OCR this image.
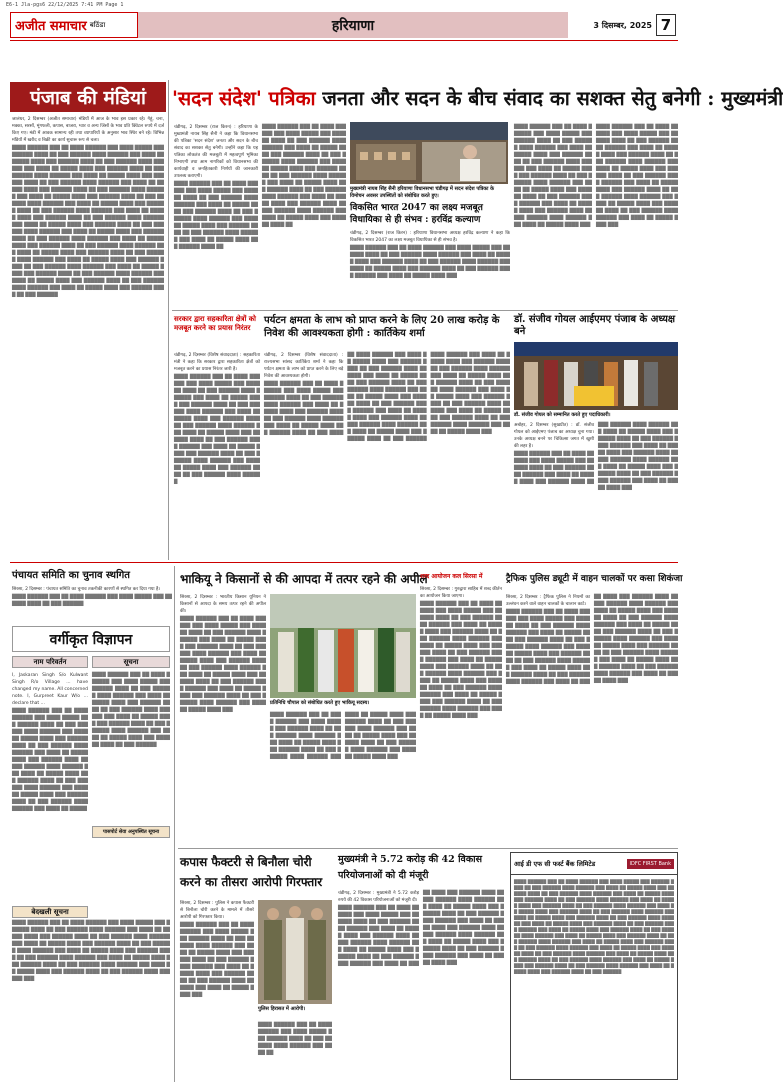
E6-1 Jla-pgs6 22/12/2025 7:41 PM Page 1
अजीत समाचार बठिंडा	हरियाणा	3 दिसम्बर, 2025 7
पंजाब की मंडियां

जालंधर, 2 दिसम्बर (अजीत समाचार) मंडियों में आज के भाव इस प्रकार रहे। गेहूं, चना, मक्का, सरसों, मूंगफली, कपास, बाजरा, ग्वार व अन्य जिंसों के भाव प्रति क्विंटल रुपये में दर्ज किए गए। मंडी में आवक सामान्य रही तथा व्यापारियों के अनुसार भाव स्थिर बने रहे। विभिन्न मंडियों में खरीद व बिक्री का कार्य सुचारू रूप से चला।

████ ██████ ███ ██ ████ ██████ ███ ████ █████ ███ ██████ ████ ██ ███ ██████ ████ ██████ ███ ████ ██ █████ ████ ███ ██████ ████ ██ ███ ██████ ████ ██████ ███ ████ ██ █████ ████ ███ ██████ ████ ██ ███ ██████ ████ ██████ ███ ████ ██ █████ ████ ███ ██████ ████ ██ ███ ██████ ████ ██████ ███ ████ ██ █████ ████ ███ ██████ ████ ██ ███ ██████ ████ ██████ ███ ████ ██ █████ ████ ███ ██████ ████ ██ ███ ██████ ████ ██████ ███ ████ ██ █████ ████ ███ ██████ ████ ██ ███ ██████ ████ ██████ ███ ████ ██ █████ ████ ███ ██████ ████ ██ ███ ██████ ████ ██████ ███ ████ ██ █████ ████ ███ ██████ ████ ██ ███ ██████ ████ ██████ ███ ████ ██ █████ ████ ███ ██████ ████ ██ ███ ██████ ████ ██████ ███ ████ ██ █████ ████ ███ ██████ ████ ██ ███ ██████ ████ ██████ ███ ████ ██ █████ ████ ███ ██████ ████ ██ ███ ██████ ████ ██████ ███ ████ ██ █████ ████ ███ ██████ ████ ██ ███ ██████ ████ ██████ ███ ████ ██ █████ ████ ███ ██████ ████ ██ ███ ██████ ████ ██████ ███ ████ ██ █████ ████ ███ ██████ ████ ██ ███ ██████ ████ ██████ ███ ████ ██ █████ ████ ███ ██████ ████ ██ ███ ██████

'सदन संदेश' पत्रिका जनता और सदन के बीच संवाद का सशक्त सेतु बनेगी : मुख्यमंत्री

चंडीगढ़, 2 दिसम्बर (राज किरन) : हरियाणा के मुख्यमंत्री नायब सिंह सैनी ने कहा कि विधानसभा की पत्रिका 'सदन संदेश' जनता और सदन के बीच संवाद का सशक्त सेतु बनेगी। उन्होंने कहा कि यह पत्रिका लोकतंत्र की मजबूती में महत्वपूर्ण भूमिका निभाएगी तथा आम नागरिकों को विधानसभा की कार्यवाही व जनहितकारी निर्णयों की जानकारी उपलब्ध कराएगी।

████ ██████ ███ ██ ████ ██████ ███ ████ █████ ███ ██████ ████ ██ ███ ██████ ████ ██████ ███ ████ ██ █████ ████ ███ ██████ ████ ██ ███ ██████ ████ ██████ ███ ████ ██ █████ ████ ███ ██████ ████ ██ ███ ██████ ████ ██████ ███ ████ ██ █████ ████ ███ ██████ ████ ██

████ ██████ ███ ██ ████ ██████ ███ ████ █████ ███ ██████ ████ ██ ███ ██████ ████ ██████ ███ ████ ██ █████ ████ ███ ██████ ████ ██ ███ ██████ ████ ██████ ███ ████ ██ █████ ████ ███ ██████ ████ ██ ███ ██████ ████ ██████ ███ ████ ██ █████ ████ ███ ██████ ████ ██ ███ ██████ ████ ██████ ███ ████ ██ █████ ████ ███ ██████ ████ ██ ███ ██████ ████ ██████ ███ ████ ██ █████ ████ ███ ██████ ████ ██

मुख्यमंत्री नायब सिंह सैनी हरियाणा विधानसभा चंडीगढ़ में सदन संदेश पत्रिका के विमोचन अवसर उपस्थितों को संबोधित करते हुए।
विकसित भारत 2047 का लक्ष्य मजबूत विधायिका से ही संभव : हरविंद्र कल्याण

चंडीगढ़, 2 दिसम्बर (राज किरन) : हरियाणा विधानसभा अध्यक्ष हरविंद्र कल्याण ने कहा कि विकसित भारत 2047 का लक्ष्य मजबूत विधायिका से ही संभव है।

████ ██████ ███ ██ ████ ██████ ███ ████ █████ ███ ██████ ████ ██ ███ ██████ ████ ██████ ███ ████ ██ █████ ████ ███ ██████ ████ ██ ███ ██████ ████ ██████ ███ ████ ██ █████ ████ ███ ██████ ████ ██ ███ ██████ ████ ██████ ███ ████ ██ █████ ████ ███

████ ██████ ███ ██ ████ ██████ ███ ████ █████ ███ ██████ ████ ██ ███ ██████ ████ ██████ ███ ████ ██ █████ ████ ███ ██████ ████ ██ ███ ██████ ████ ██████ ███ ████ ██ █████ ████ ███ ██████ ████ ██ ███ ██████ ████ ██████ ███ ████ ██ █████ ████ ███ ██████ ████ ██ ███ ██████ ████ ██████ ███ ████ ██ █████ ████ ███ ██████ ████ ██ ███ ██████ ████ ██████ ███ ████ ██ █████ ████ ███

████ ██████ ███ ██ ████ ██████ ███ ████ █████ ███ ██████ ████ ██ ███ ██████ ████ ██████ ███ ████ ██ █████ ████ ███ ██████ ████ ██ ███ ██████ ████ ██████ ███ ████ ██ █████ ████ ███ ██████ ████ ██ ███ ██████ ████ ██████ ███ ████ ██ █████ ████ ███ ██████ ████ ██ ███ ██████ ████ ██████ ███ ████ ██ █████ ████ ███ ██████ ████ ██ ███ ██████ ████ ██████ ███ ████ ██ █████ ████ ███

सरकार द्वारा सहकारिता क्षेत्रों को मजबूत करने का प्रयास निरंतर

चंडीगढ़, 2 दिसम्बर (विशेष संवाददाता) : सहकारिता मंत्री ने कहा कि सरकार द्वारा सहकारिता क्षेत्रों को मजबूत करने का प्रयास निरंतर जारी है।

████ ██████ ███ ██ ████ ██████ ███ ████ █████ ███ ██████ ████ ██ ███ ██████ ████ ██████ ███ ████ ██ █████ ████ ███ ██████ ████ ██ ███ ██████ ████ ██████ ███ ████ ██ █████ ████ ███ ██████ ████ ██ ███ ██████ ████ ██████ ███ ████ ██ █████ ████ ███ ██████ ████ ██ ███ ██████ ████ ██████ ███ ████ ██ █████ ████ ███ ██████ ████ ██ ███ ██████ ████ ██████ ███ ████ ██ █████ ████ ███ ██████ ████ ██ ███ ██████ ████ ██████

पर्यटन क्षमता के लाभ को प्राप्त करने के लिए 20 लाख करोड़ के निवेश की आवश्यकता होगी : कार्तिकेय शर्मा

चंडीगढ़, 2 दिसम्बर (विशेष संवाददाता) : राज्यसभा सांसद कार्तिकेय शर्मा ने कहा कि पर्यटन क्षमता के लाभ को प्राप्त करने के लिए बड़े निवेश की आवश्यकता होगी।

████ ██████ ███ ██ ████ ██████ ███ ████ █████ ███ ██████ ████ ██ ███ ██████ ████ ██████ ███ ████ ██ █████ ████ ███ ██████ ████ ██ ███ ██████ ████ ██████ ███ ████ ██ █████ ████ ███ ██████ ████ ██ ███ ██████ ████ ██████ ███ ████ ██ █████ ████ ███ ██████ ████ ██ ███ ██████ ████ ██████ ███ ████ ██ █████ ████ ███ ██████ ████ ██ ███ ██████ ████ ██████ ███ ████ ██ █████ ████ ███ ██████ ████ ██ ███ ██████ ████ ██████ ███ ████ ██ █████ ████ ███ ██████ ████ ██ ███ ██████ ████ ██████ ███ ████ ██ █████ ████ ███ ██████ ████ ██ ███ ██████ ████ ██████ ███ ████ ██ █████ ████ ███ ██████ ████ ██ ███ ██████ ████ ██████ ███ ████ ██ █████ ████ ███ ██████ ████ ██ ███ ██████ ████ ██████ ███ ████ ██ █████ ████ ███ ██████ ████ ██ ███ ██████ ████ ██████ ███ ████ ██ █████ ████ ███ ██████ ████ ██ ███ ██████ ████ ██████ ███ ████ ██ █████ ████ ███

डॉ. संजीव गोयल आईएमए पंजाब के अध्यक्ष बने
डॉ. संजीव गोयल को सम्मानित करते हुए पदाधिकारी।

अबोहर, 2 दिसम्बर (सुखप्रीत) : डॉ. संजीव गोयल को आईएमए पंजाब का अध्यक्ष चुना गया। उनके अध्यक्ष बनने पर चिकित्सा जगत में खुशी की लहर है।

████ ██████ ███ ██ ████ ██████ ███ ████ █████ ███ ██████ ████ ██ ███ ██████ ████ ██████ ███ ████ ██ █████ ████ ███ ██████ ████ ██ ███ ██████ ████ ██████ ███ ████ ██ █████ ████ ███ ██████ ████ ██ ███ ██████ ████ ██████ ███ ████ ██ █████ ████ ███ ██████ ████ ██ ███ ██████ ████ ██████ ███ ████ ██ █████ ████ ███ ██████ ████ ██ ███ ██████ ████ ██████ ███ ████ ██ █████ ████ ███

पंचायत समिति का चुनाव स्थगित

सिरसा, 2 दिसम्बर : पंचायत समिति का चुनाव तकनीकी कारणों से स्थगित कर दिया गया है।

████ ██████ ███ ██ ████ ██████ ███ ████ █████ ███ ██████ ████ ██ ███ ██████

वर्गीकृत विज्ञापन
नाम परिवर्तन	सूचना

I, Jaskaran Singh S/o Kulwant Singh R/o Village ... have changed my name. All concerned note. I, Gurpreet Kaur W/o ... declare that ...

████ ██████ ███ ██ ████ ██████ ███ ████ █████ ███ ██████ ████ ██ ███ ██████ ████ ██████ ███ ████ ██ █████ ████ ███ ██████ ████ ██ ███ ██████ ████ ██████ ███ ████ ██ █████ ████ ███ ██████ ████ ██ ███ ██████ ████ ██████ ███ ████ ██ █████ ████ ███ ██████ ████ ██ ███ ██████ ████ ██████ ███ ████ ██ █████ ████ ███ ██████ ████ ██ ███ ██████ ████ ██████ ███ ████ ██ █████

████ ██████ ███ ██ ████ ██████ ███ ████ █████ ███ ██████ ████ ██ ███ ██████ ████ ██████ ███ ████ ██ █████ ████ ███ ██████ ████ ██ ███ ██████ ████ ██████ ███ ████ ██ █████ ████ ███ ██████ ████ ██ ███ ██████ ████ ██████ ███ ████ ██ █████ ████ ███ ██████ ████ ██ ███ ██████

पासपोर्ट सेवा अनुपस्थित सूचना
बेदखली सूचना

████ ██████ ███ ██ ████ ██████ ███ ████ █████ ███ ██████ ████ ██ ███ ██████ ████ ██████ ███ ████ ██ █████ ████ ███ ██████ ████ ██ ███ ██████ ████ ██████ ███ ████ ██ █████ ████ ███ ██████ ████ ██ ███ ██████ ████ ██████ ███ ████ ██ █████ ████ ███ ██████ ████ ██ ███ ██████ ████ ██████ ███ ████ ██ █████ ████ ███ ██████ ████ ██ ███ ██████ ████ ██████ ███ ████ ██ █████ ████ ███ ██████ ████ ██ ███ ██████ ████ ██████ ███

भाकियू ने किसानों से की आपदा में तत्पर रहने की अपील

सिरसा, 2 दिसम्बर : भारतीय किसान यूनियन ने किसानों से आपदा के समय तत्पर रहने की अपील की।

████ ██████ ███ ██ ████ ██████ ███ ████ █████ ███ ██████ ████ ██ ███ ██████ ████ ██████ ███ ████ ██ █████ ████ ███ ██████ ████ ██ ███ ██████ ████ ██████ ███ ████ ██ █████ ████ ███ ██████ ████ ██ ███ ██████ ████ ██████ ███ ████ ██ █████ ████ ███ ██████ ████ ██ ███ ██████ ████ ██████ ███ ████ ██ █████ ████ ███ ██████ ████ ██ ███ ██████ ████ ██████ ███ ████ ██ █████ ████ ███

प्रतिनिधि चौपाल को संबोधित करते हुए भाकियू सदस्य।

████ ██████ ███ ██ ████ ██████ ███ ████ █████ ███ ██████ ████ ██ ███ ██████ ████ ██████ ███ ████ ██ █████ ████ ███ ██████ ████ ██ ███ ██████ ████ ██████ ███ ████ ██ █████ ████ ███ ██████ ████ ██ ███ ██████ ████ ██████ ███ ████ ██ █████ ████ ███ ██████ ████ ██ ███ ██████ ████ ██████ ███ ████ ██ █████ ████ ███

शब्द आयोजन कल सिरसा में

सिरसा, 2 दिसम्बर : गुरुद्वारा साहिब में शब्द कीर्तन का आयोजन किया जाएगा।

████ ██████ ███ ██ ████ ██████ ███ ████ █████ ███ ██████ ████ ██ ███ ██████ ████ ██████ ███ ████ ██ █████ ████ ███ ██████ ████ ██ ███ ██████ ████ ██████ ███ ████ ██ █████ ████ ███ ██████ ████ ██ ███ ██████ ████ ██████ ███ ████ ██ █████ ████ ███ ██████ ████ ██ ███ ██████ ████ ██████ ███ ████ ██ █████ ████ ███ ██████ ████ ██ ███ ██████ ████ ██████ ███ ████ ██ █████ ████ ███ ██████ ████ ██ ███ ██████ ████ ██████ ███ ████ ██ █████ ████ ███

ट्रैफिक पुलिस ड्यूटी में वाहन चालकों पर कसा शिकंजा

सिरसा, 2 दिसम्बर : ट्रैफिक पुलिस ने नियमों का उल्लंघन करने वाले वाहन चालकों के चालान काटे।

████ ██████ ███ ██ ████ ██████ ███ ████ █████ ███ ██████ ████ ██ ███ ██████ ████ ██████ ███ ████ ██ █████ ████ ███ ██████ ████ ██ ███ ██████ ████ ██████ ███ ████ ██ █████ ████ ███ ██████ ████ ██ ███ ██████ ████ ██████ ███ ████ ██ █████ ████ ███ ██████ ████ ██ ███ ██████ ████ ██████ ███ ████ ██ █████ ████ ███ ██████ ████ ██ ███ ██████ ████ ██████ ███ ████ ██ █████ ████ ███ ██████ ████ ██ ███ ██████ ████ ██████ ███ ████ ██ █████ ████ ███ ██████ ████ ██ ███ ██████ ████ ██████ ███ ████ ██ █████ ████ ███ ██████ ████ ██ ███ ██████ ████ ██████ ███ ████ ██ █████ ████ ███ ██████ ████ ██ ███ ██████ ████ ██████ ███ ████ ██ █████ ████ ███

कपास फैक्टरी से बिनौला चोरी करने का तीसरा आरोपी गिरफ्तार

सिरसा, 2 दिसम्बर : पुलिस ने कपास फैक्टरी से बिनौला चोरी करने के मामले में तीसरे आरोपी को गिरफ्तार किया।

████ ██████ ███ ██ ████ ██████ ███ ████ █████ ███ ██████ ████ ██ ███ ██████ ████ ██████ ███ ████ ██ █████ ████ ███ ██████ ████ ██ ███ ██████ ████ ██████ ███ ████ ██ █████ ████ ███ ██████ ████ ██ ███ ██████ ████ ██████ ███ ████ ██ █████ ████ ███

पुलिस हिरासत में आरोपी।

████ ██████ ███ ██ ████ ██████ ███ ████ █████ ███ ██████ ████ ██ ███ ██████ ████ ██████ ███ ████ ██

मुख्यमंत्री ने 5.72 करोड़ की 42 विकास परियोजनाओं को दी मंजूरी

चंडीगढ़, 2 दिसम्बर : मुख्यमंत्री ने 5.72 करोड़ रुपये की 42 विकास परियोजनाओं को मंजूरी दी।

████ ██████ ███ ██ ████ ██████ ███ ████ █████ ███ ██████ ████ ██ ███ ██████ ████ ██████ ███ ████ ██ █████ ████ ███ ██████ ████ ██ ███ ██████ ████ ██████ ███ ████ ██ █████ ████ ███ ██████ ████ ██ ███ ██████ ████ ██████ ███ ████ ██ █████ ████ ███ ██████ ████ ██ ███ ██████ ████ ██████ ███ ████ ██ █████ ████ ███ ██████ ████ ██ ███ ██████ ████ ██████ ███ ████ ██ █████ ████ ███ ██████ ████ ██ ███ ██████ ████ ██████ ███ ████ ██ █████ ████ ███ ██████ ████ ██ ███ ██████ ████ ██████ ███ ████ ██ █████ ████ ███

आई डी एफ सी फर्स्ट बैंक लिमिटेड	IDFC FIRST Bank

████ ██████ ███ ██ ████ ██████ ███ ████ █████ ███ ██████ ████ ██ ███ ██████ ████ ██████ ███ ████ ██ █████ ████ ███ ██████ ████ ██ ███ ██████ ████ ██████ ███ ████ ██ █████ ████ ███ ██████ ████ ██ ███ ██████ ████ ██████ ███ ████ ██ █████ ████ ███ ██████ ████ ██ ███ ██████ ████ ██████ ███ ████ ██ █████ ████ ███ ██████ ████ ██ ███ ██████ ████ ██████ ███ ████ ██ █████ ████ ███ ██████ ████ ██ ███ ██████ ████ ██████ ███ ████ ██ █████ ████ ███ ██████ ████ ██ ███ ██████ ████ ██████ ███ ████ ██ █████ ████ ███ ██████ ████ ██ ███ ██████ ████ ██████ ███ ████ ██ █████ ████ ███ ██████ ████ ██ ███ ██████ ████ ██████ ███ ████ ██ █████ ████ ███ ██████ ████ ██ ███ ██████ ████ ██████ ███ ████ ██ █████ ████ ███ ██████ ████ ██ ███ ██████ ████ ██████ ███ ████ ██ █████ ████ ███ ██████ ████ ██ ███ ██████ ████ ██████ ███ ████ ██ █████ ████ ███ ██████ ████ ██ ███ ██████ ████ ██████ ███ ████ ██ █████ ████ ███ ██████ ████ ██ ███ ██████
